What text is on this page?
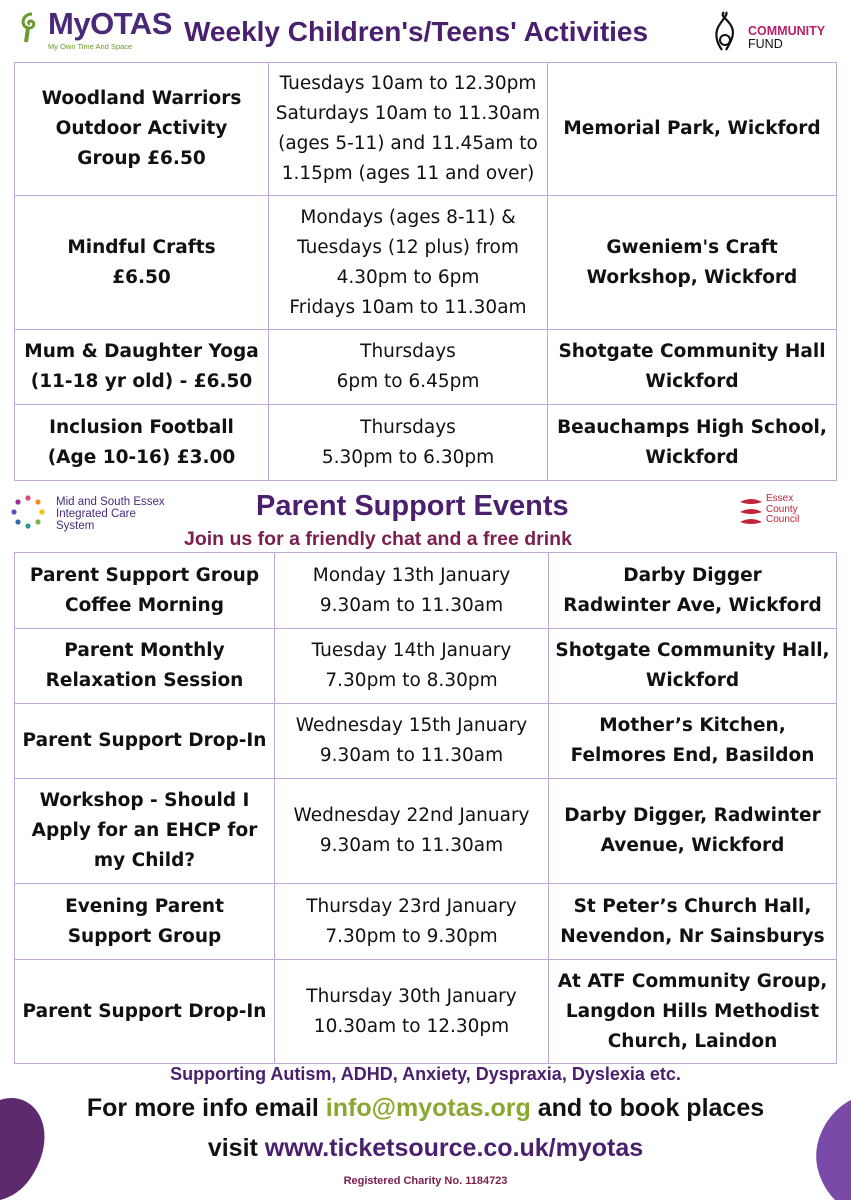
MyOTAS
My Own Time And Space Weekly Children's/Teens' Activities	COMMUNITY
FUND
Woodland Warriors Outdoor Activity Group £6.50	Tuesdays 10am to 12.30pm
Saturdays 10am to 11.30am
(ages 5-11) and 11.45am to
1.15pm (ages 11 and over)	Memorial Park, Wickford
Mindful Crafts
£6.50	Mondays (ages 8-11) &
Tuesdays (12 plus) from
4.30pm to 6pm
Fridays 10am to 11.30am	Gweniem's Craft Workshop, Wickford
Mum & Daughter Yoga
(11-18 yr old) - £6.50	Thursdays
6pm to 6.45pm	Shotgate Community Hall Wickford
Inclusion Football
(Age 10-16) £3.00	Thursdays
5.30pm to 6.30pm	Beauchamps High School, Wickford
Mid and South Essex
Integrated Care
System
Parent Support Events
Join us for a friendly chat and a free drink
Essex
County
Council
Parent Support Group
Coffee Morning	Monday 13th January
9.30am to 11.30am	Darby Digger
Radwinter Ave, Wickford
Parent Monthly
Relaxation Session	Tuesday 14th January
7.30pm to 8.30pm	Shotgate Community Hall,
Wickford
Parent Support Drop-In	Wednesday 15th January
9.30am to 11.30am	Mother’s Kitchen,
Felmores End, Basildon
Workshop - Should I
Apply for an EHCP for
my Child?	Wednesday 22nd January
9.30am to 11.30am	Darby Digger, Radwinter
Avenue, Wickford
Evening Parent
Support Group	Thursday 23rd January
7.30pm to 9.30pm	St Peter’s Church Hall,
Nevendon, Nr Sainsburys
Parent Support Drop-In	Thursday 30th January
10.30am to 12.30pm	At ATF Community Group,
Langdon Hills Methodist
Church, Laindon
Supporting Autism, ADHD, Anxiety, Dyspraxia, Dyslexia etc.
For more info email info@myotas.org and to book places
visit www.ticketsource.co.uk/myotas
Registered Charity No. 1184723
